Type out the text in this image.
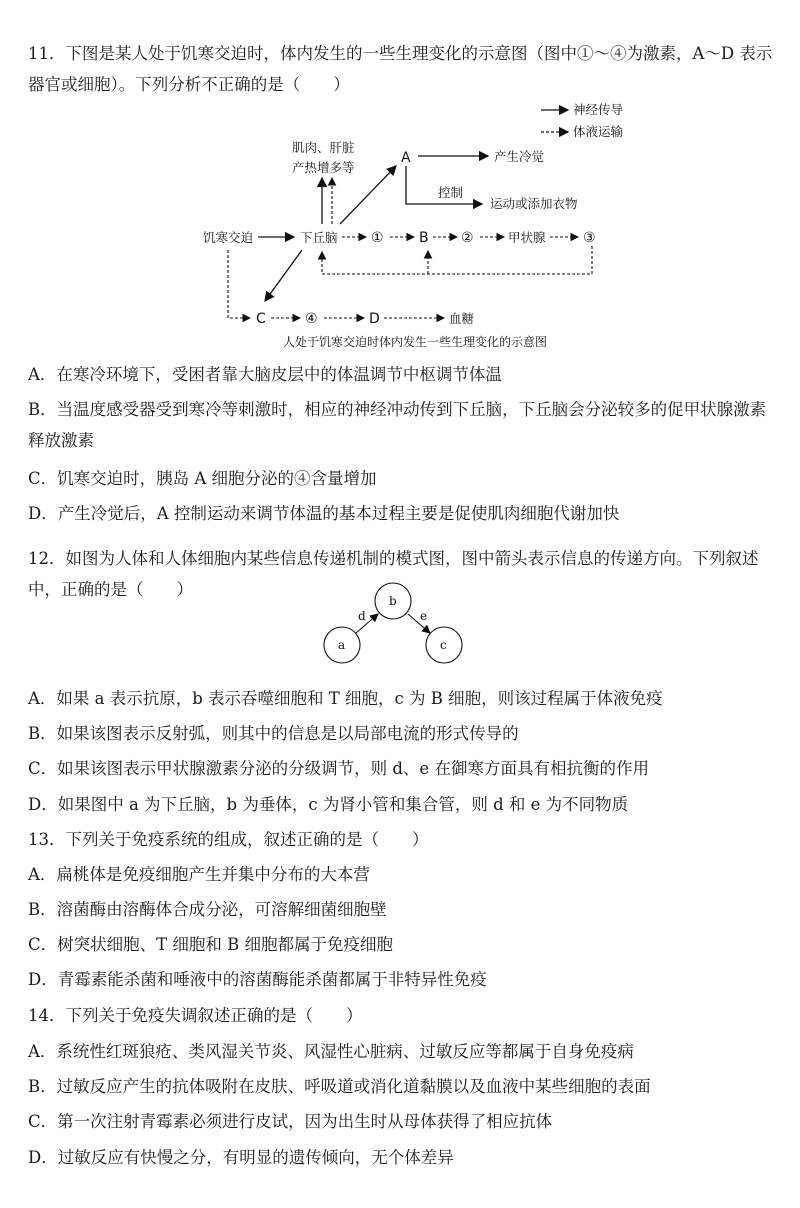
11．下图是某人处于饥寒交迫时，体内发生的一些生理变化的示意图（图中①～④为激素，A～D 表示器官或细胞）。下列分析不正确的是（　　）
神经传导
体液运输
肌肉、肝脏
产热增多等
A	产生冷觉
控制
运动或添加衣物
饥寒交迫	下丘脑 ①	B ②	甲状腺	③
C	④	D	血糖
人处于饥寒交迫时体内发生一些生理变化的示意图
A．在寒冷环境下，受困者靠大脑皮层中的体温调节中枢调节体温
B．当温度感受器受到寒冷等刺激时，相应的神经冲动传到下丘脑，下丘脑会分泌较多的促甲状腺激素释放激素
C．饥寒交迫时，胰岛 A 细胞分泌的④含量增加
D．产生冷觉后，A 控制运动来调节体温的基本过程主要是促使肌肉细胞代谢加快
12．如图为人体和人体细胞内某些信息传递机制的模式图，图中箭头表示信息的传递方向。下列叙述中，正确的是（　　）
b
a	c
d	e
A．如果 a 表示抗原，b 表示吞噬细胞和 T 细胞，c 为 B 细胞，则该过程属于体液免疫
B．如果该图表示反射弧，则其中的信息是以局部电流的形式传导的
C．如果该图表示甲状腺激素分泌的分级调节，则 d、e 在御寒方面具有相抗衡的作用
D．如果图中 a 为下丘脑，b 为垂体，c 为肾小管和集合管，则 d 和 e 为不同物质
13．下列关于免疫系统的组成，叙述正确的是（　　）
A．扁桃体是免疫细胞产生并集中分布的大本营
B．溶菌酶由溶酶体合成分泌，可溶解细菌细胞壁
C．树突状细胞、T 细胞和 B 细胞都属于免疫细胞
D．青霉素能杀菌和唾液中的溶菌酶能杀菌都属于非特异性免疫
14．下列关于免疫失调叙述正确的是（　　）
A．系统性红斑狼疮、类风湿关节炎、风湿性心脏病、过敏反应等都属于自身免疫病
B．过敏反应产生的抗体吸附在皮肤、呼吸道或消化道黏膜以及血液中某些细胞的表面
C．第一次注射青霉素必须进行皮试，因为出生时从母体获得了相应抗体
D．过敏反应有快慢之分，有明显的遗传倾向，无个体差异
